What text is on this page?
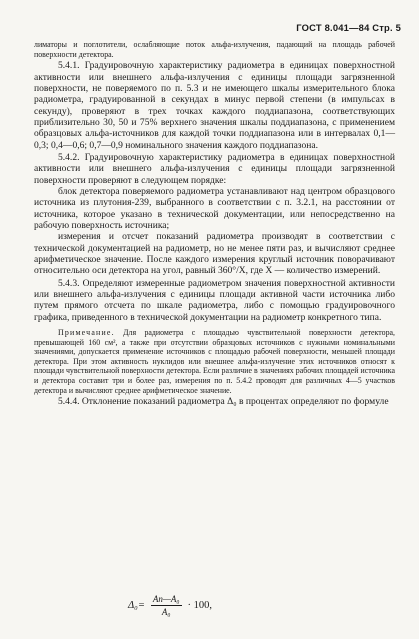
ГОСТ 8.041—84 Стр. 5

лиматоры и поглотители, ослабляющие поток альфа-излучения, падающий на площадь рабочей поверхности детектора.

5.4.1. Градуировочную характеристику радиометра в единицах поверхностной активности или внешнего альфа-излучения с единицы площади загрязненной поверхности, не поверяемого по п. 5.3 и не имеющего шкалы измерительного блока радиометра, градуированной в секундах в минус первой степени (в импульсах в секунду), проверяют в трех точках каждого поддиапазона, соответствующих приблизительно 30, 50 и 75% верхнего значения шкалы поддиапазона, с применением образцовых альфа-источников для каждой точки поддиапазона или в интервалах 0,1—0,3; 0,4—0,6; 0,7—0,9 номинального значения каждого поддиапазона.

5.4.2. Градуировочную характеристику радиометра в единицах поверхностной активности или внешнего альфа-излучения с единицы площади загрязненной поверхности проверяют в следующем порядке:

блок детектора поверяемого радиометра устанавливают над центром образцового источника из плутония-239, выбранного в соответствии с п. 3.2.1, на расстоянии от источника, которое указано в технической документации, или непосредственно на рабочую поверхность источника;

измерения и отсчет показаний радиометра производят в соответствии с технической документацией на радиометр, но не менее пяти раз, и вычисляют среднее арифметическое значение. После каждого измерения круглый источник поворачивают относительно оси детектора на угол, равный 360°/X, где X — количество измерений.

5.4.3. Определяют измеренные радиометром значения поверхностной активности или внешнего альфа-излучения с единицы площади активной части источника либо путем прямого отсчета по шкале радиометра, либо с помощью градуировочного графика, приведенного в технической документации на радиометр конкретного типа.

Примечание. Для радиометра с площадью чувствительной поверхности детектора, превышающей 160 см², а также при отсутствии образцовых источников с нужными номинальными значениями, допускается применение источников с площадью рабочей поверхности, меньшей площади детектора. При этом активность нуклидов или внешнее альфа-излучение этих источников относят к площади чувствительной поверхности детектора. Если различие в значениях рабочих площадей источника и детектора составит три и более раз, измерения по п. 5.4.2 проводят для различных 4—5 участков детектора и вычисляют среднее арифметическое значение.

5.4.4. Отклонение показаний радиометра Δ₀ в процентах определяют по формуле

$\Delta_0= \frac{\text{Aп—A₀}}{\text{A₀}} \cdot 100$,
